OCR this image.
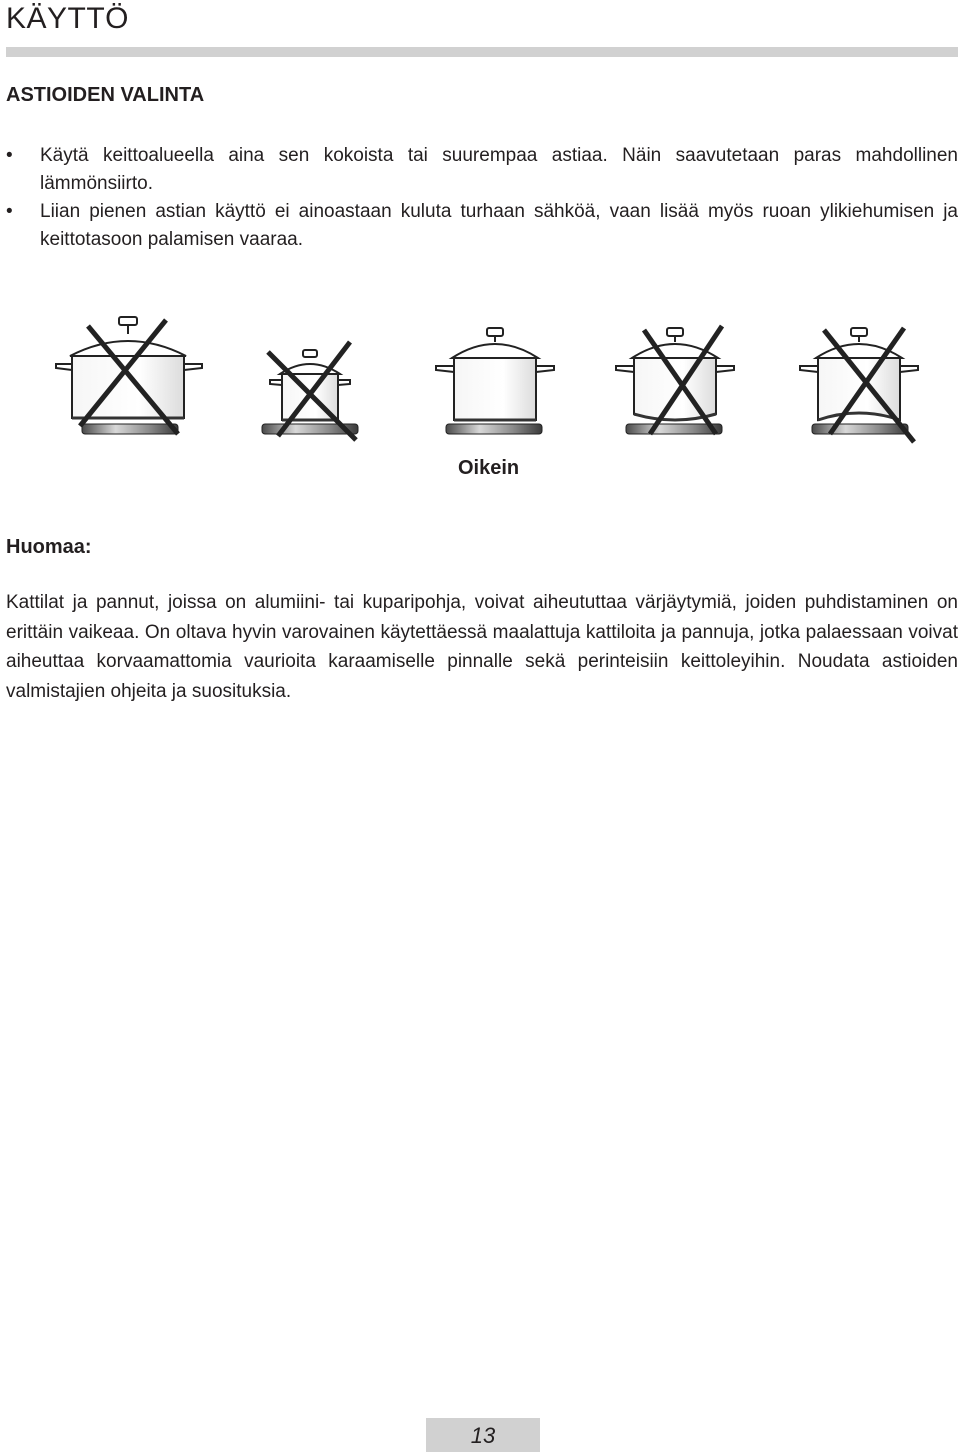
KÄYTTÖ
ASTIOIDEN VALINTA
• Käytä keittoalueella aina sen kokoista tai suurempaa astiaa. Näin saavutetaan paras mahdollinen lämmönsiirto.
• Liian pienen astian käyttö ei ainoastaan kuluta turhaan sähköä, vaan lisää myös ruoan ylikiehumisen ja keittotasoon palamisen vaaraa.
Oikein
Huomaa:

Kattilat ja pannut, joissa on alumiini- tai kuparipohja, voivat aiheututtaa värjäytymiä, joiden puhdistaminen on erittäin vaikeaa. On oltava hyvin varovainen käytettäessä maalattuja kattiloita ja pannuja, jotka palaessaan voivat aiheuttaa korvaamattomia vaurioita karaamiselle pinnalle sekä perinteisiin keittoleyihin. Noudata astioiden valmistajien ohjeita ja suosituksia.

13
